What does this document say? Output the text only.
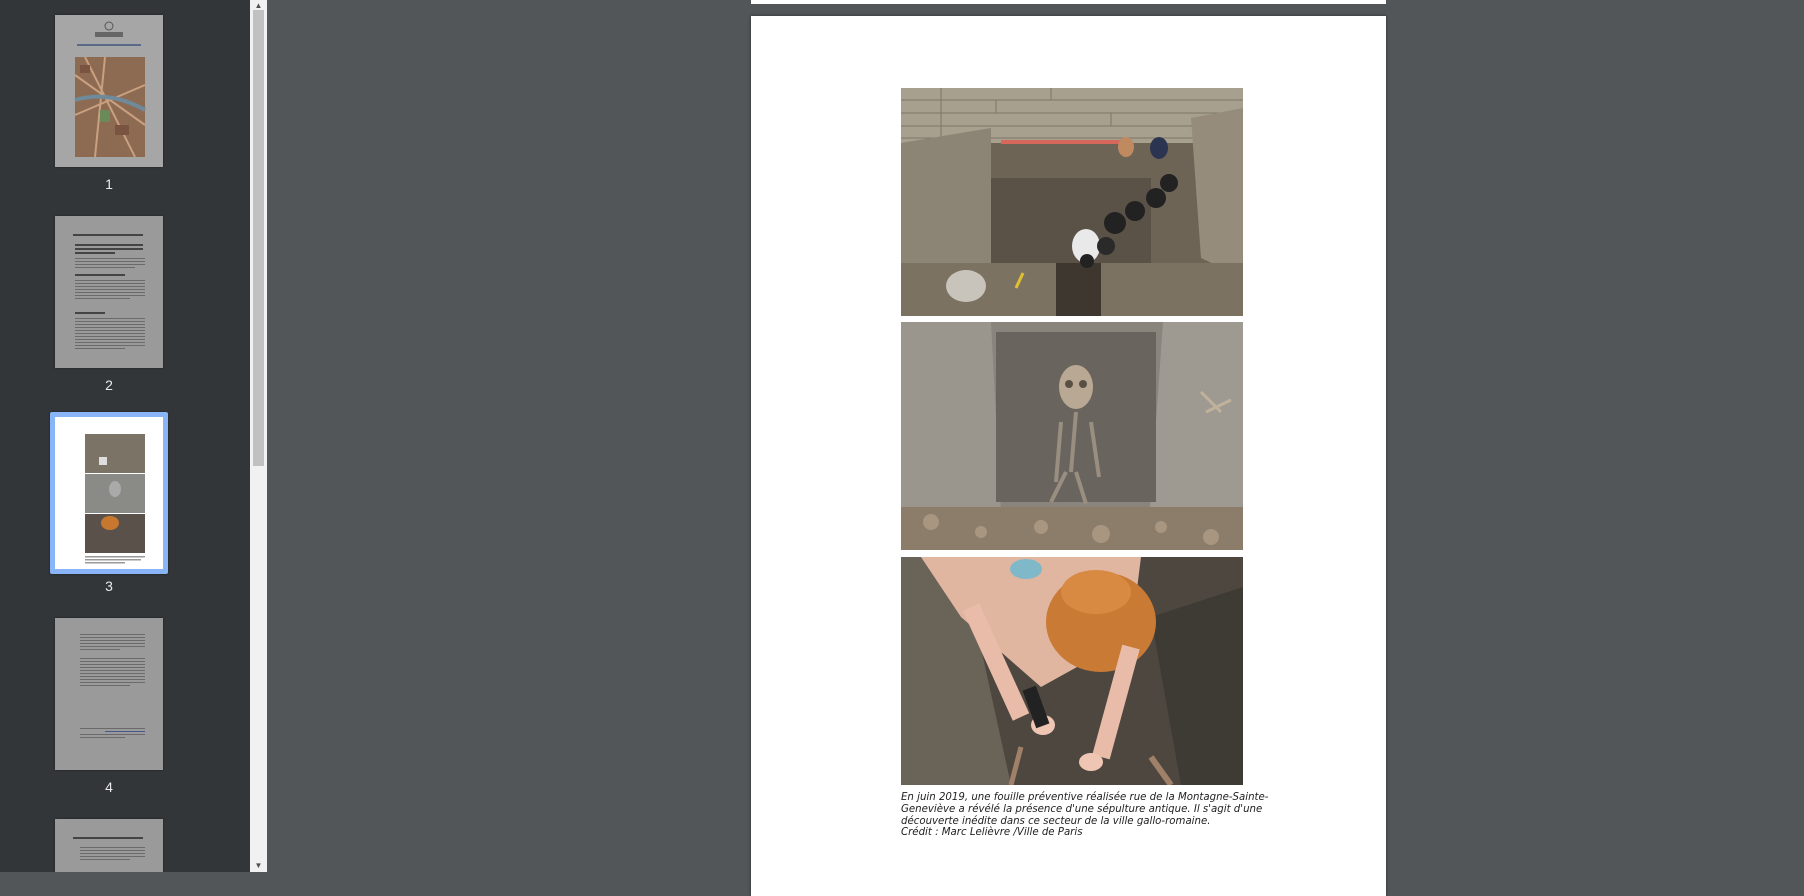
1
2
3
4
▲
▼
En juin 2019, une fouille préventive réalisée rue de la Montagne-Sainte-
Geneviève a révélé la présence d'une sépulture antique. Il s'agit d'une
découverte inédite dans ce secteur de la ville gallo-romaine.
Crédit : Marc Lelièvre /Ville de Paris
